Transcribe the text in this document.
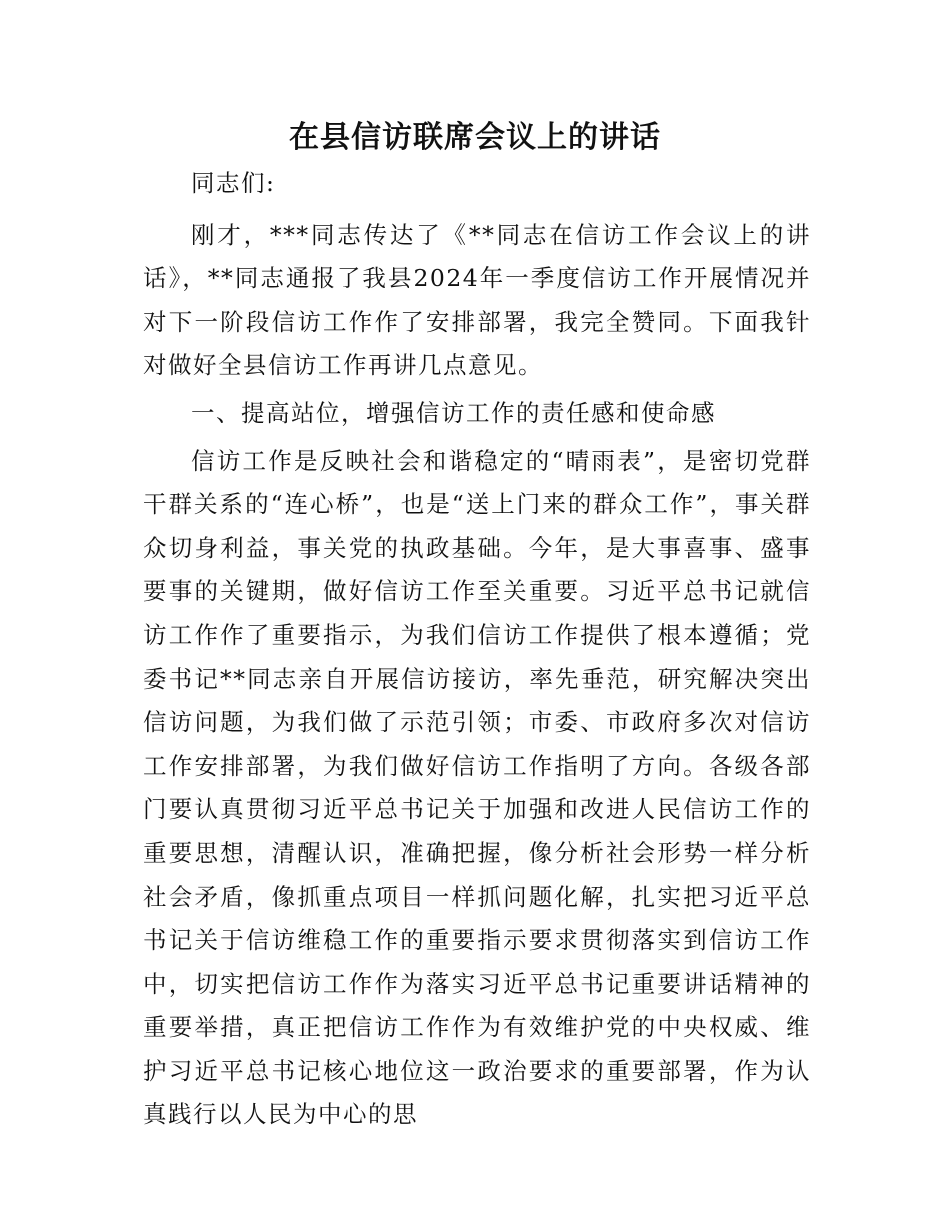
在县信访联席会议上的讲话

同志们:

刚才，***同志传达了《**同志在信访工作会议上的讲话》，**同志通报了我县2024年一季度信访工作开展情况并对下一阶段信访工作作了安排部署，我完全赞同。下面我针对做好全县信访工作再讲几点意见。

一、提高站位，增强信访工作的责任感和使命感

信访工作是反映社会和谐稳定的“晴雨表”，是密切党群干群关系的“连心桥”，也是“送上门来的群众工作”，事关群众切身利益，事关党的执政基础。今年，是大事喜事、盛事要事的关键期，做好信访工作至关重要。习近平总书记就信访工作作了重要指示，为我们信访工作提供了根本遵循；党委书记**同志亲自开展信访接访，率先垂范，研究解决突出信访问题，为我们做了示范引领；市委、市政府多次对信访工作安排部署，为我们做好信访工作指明了方向。各级各部门要认真贯彻习近平总书记关于加强和改进人民信访工作的重要思想，清醒认识，准确把握，像分析社会形势一样分析社会矛盾，像抓重点项目一样抓问题化解，扎实把习近平总书记关于信访维稳工作的重要指示要求贯彻落实到信访工作中，切实把信访工作作为落实习近平总书记重要讲话精神的重要举措，真正把信访工作作为有效维护党的中央权威、维护习近平总书记核心地位这一政治要求的重要部署，作为认真践行以人民为中心的思
